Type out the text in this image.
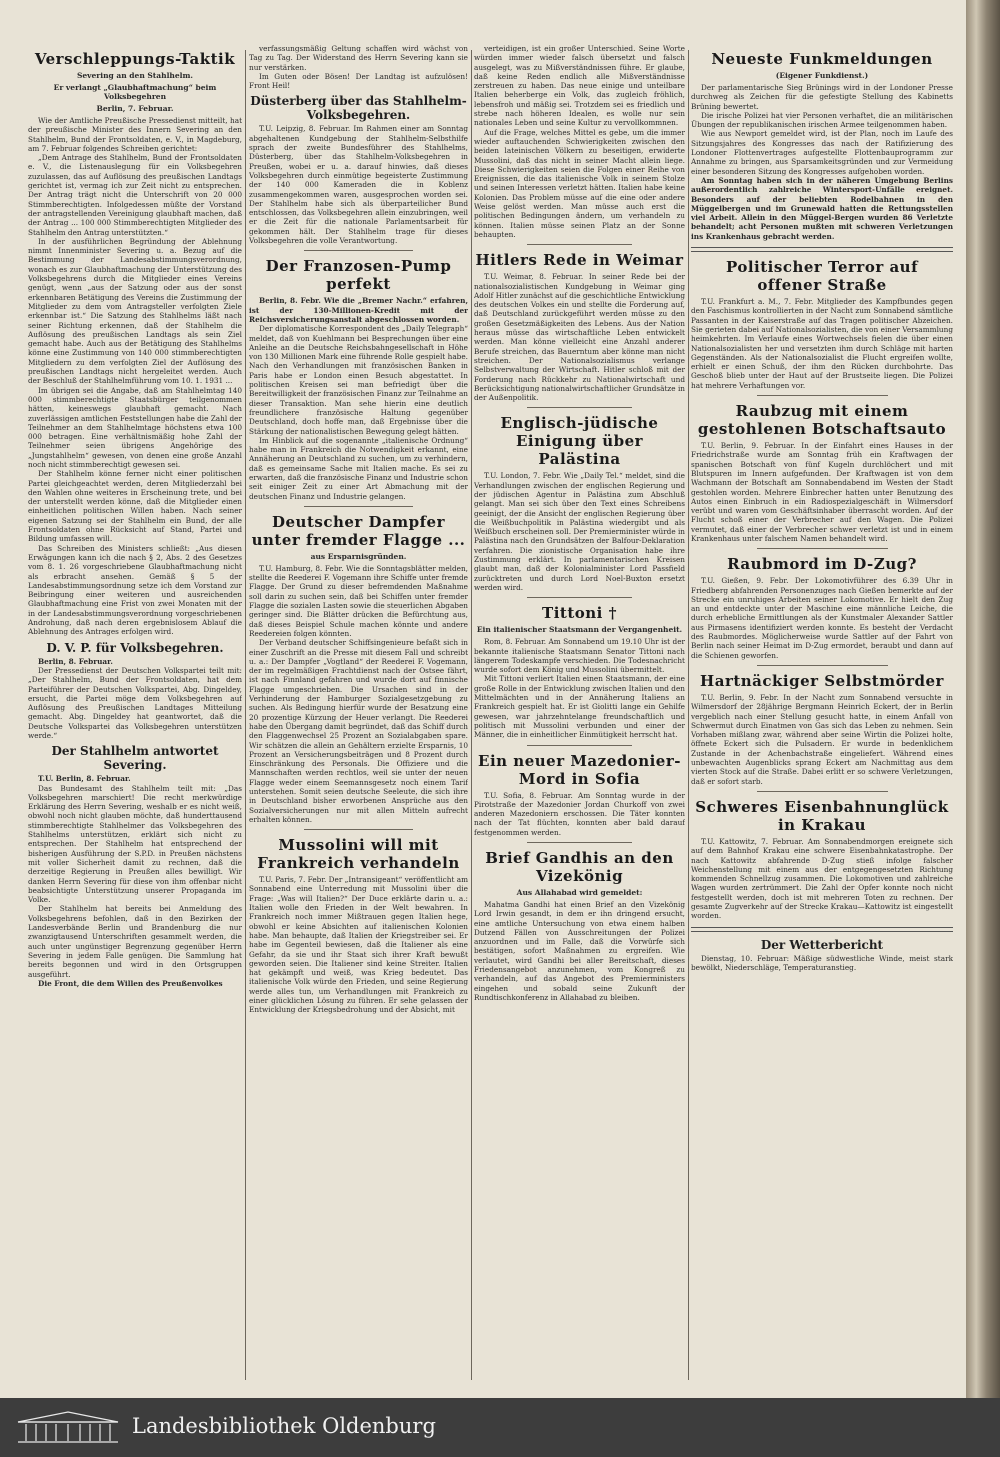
Verschleppungs-Taktik
Severing an den Stahlhelm.
Er verlangt „Glaubhaftmachung“ beim Volksbegehren
Berlin, 7. Februar.

Wie der Amtliche Preußische Pressedienst mitteilt, hat der preußische Minister des Innern Severing an den Stahlhelm, Bund der Frontsoldaten, e. V., in Magdeburg, am 7. Februar folgendes Schreiben gerichtet:

„Dem Antrage des Stahlhelm, Bund der Frontsoldaten e. V., die Listenauslegung für ein Volksbegehren zuzulassen, das auf Auflösung des preußischen Landtags gerichtet ist, vermag ich zur Zeit nicht zu entsprechen. Der Antrag trägt nicht die Unterschrift von 20 000 Stimmberechtigten. Infolgedessen müßte der Vorstand der antragstellenden Vereinigung glaubhaft machen, daß der Antrag ... 100 000 Stimmberechtigten Mitglieder des Stahlhelm den Antrag unterstützten.“

In der ausführlichen Begründung der Ablehnung nimmt Innenminister Severing u. a. Bezug auf die Bestimmung der Landesabstimmungsverordnung, wonach es zur Glaubhaftmachung der Unterstützung des Volksbegehrens durch die Mitglieder eines Vereins genügt, wenn „aus der Satzung oder aus der sonst erkennbaren Betätigung des Vereins die Zustimmung der Mitglieder zu dem vom Antragsteller verfolgten Ziele erkennbar ist.“ Die Satzung des Stahlhelms läßt nach seiner Richtung erkennen, daß der Stahlhelm die Auflösung des preußischen Landtags als sein Ziel gemacht habe. Auch aus der Betätigung des Stahlhelms könne eine Zustimmung von 140 000 stimmberechtigten Mitgliedern zu dem verfolgten Ziel der Auflösung des preußischen Landtags nicht hergeleitet werden. Auch der Beschluß der Stahlhelmführung vom 10. 1. 1931 ...

Im übrigen sei die Angabe, daß am Stahlhelmtag 140 000 stimmberechtigte Staatsbürger teilgenommen hätten, keineswegs glaubhaft gemacht. Nach zuverlässigen amtlichen Feststellungen habe die Zahl der Teilnehmer an dem Stahlhelmtage höchstens etwa 100 000 betragen. Eine verhältnismäßig hohe Zahl der Teilnehmer seien übrigens Angehörige des „Jungstahlhelm“ gewesen, von denen eine große Anzahl noch nicht stimmberechtigt gewesen sei.

Der Stahlhelm könne ferner nicht einer politischen Partei gleichgeachtet werden, deren Mitgliederzahl bei den Wahlen ohne weiteres in Erscheinung trete, und bei der unterstellt werden könne, daß die Mitglieder einen einheitlichen politischen Willen haben. Nach seiner eigenen Satzung sei der Stahlhelm ein Bund, der alle Frontsoldaten ohne Rücksicht auf Stand, Partei und Bildung umfassen will.

Das Schreiben des Ministers schließt: „Aus diesen Erwägungen kann ich die nach § 2, Abs. 2 des Gesetzes vom 8. 1. 26 vorgeschriebene Glaubhaftmachung nicht als erbracht ansehen. Gemäß § 5 der Landesabstimmungsordnung setze ich dem Vorstand zur Beibringung einer weiteren und ausreichenden Glaubhaftmachung eine Frist von zwei Monaten mit der in der Landesabstimmungsverordnung vorgeschriebenen Androhung, daß nach deren ergebnislosem Ablauf die Ablehnung des Antrages erfolgen wird.

D. V. P. für Volksbegehren.

Berlin, 8. Februar.

Der Pressedienst der Deutschen Volkspartei teilt mit: „Der Stahlhelm, Bund der Frontsoldaten, hat dem Parteiführer der Deutschen Volkspartei, Abg. Dingeldey, ersucht, die Partei möge dem Volksbegehren auf Auflösung des Preußischen Landtages Mitteilung gemacht. Abg. Dingeldey hat geantwortet, daß die Deutsche Volkspartei das Volksbegehren unterstützen werde.“

Der Stahlhelm antwortet Severing.

T.U. Berlin, 8. Februar.

Das Bundesamt des Stahlhelm teilt mit: „Das Volksbegehren marschiert! Die recht merkwürdige Erklärung des Herrn Severing, weshalb er es nicht weiß, obwohl noch nicht glauben möchte, daß hunderttausend stimmberechtigte Stahlhelmer das Volksbegehren des Stahlhelms unterstützen, erklärt sich nicht zu entsprechen. Der Stahlhelm hat entsprechend der bisherigen Ausführung der S.P.D. in Preußen nächstens mit voller Sicherheit damit zu rechnen, daß die derzeitige Regierung in Preußen alles bewilligt. Wir danken Herrn Severing für diese von ihm offenbar nicht beabsichtigte Unterstützung unserer Propaganda im Volke.

Der Stahlhelm hat bereits bei Anmeldung des Volksbegehrens befohlen, daß in den Bezirken der Landesverbände Berlin und Brandenburg die nur zwanzigtausend Unterschriften gesammelt werden, die auch unter ungünstiger Begrenzung gegenüber Herrn Severing in jedem Falle genügen. Die Sammlung hat bereits begonnen und wird in den Ortsgruppen ausgeführt.

Die Front, die dem Willen des Preußenvolkes

verfassungsmäßig Geltung schaffen wird wächst von Tag zu Tag. Der Widerstand des Herrn Severing kann sie nur verstärken.

Im Guten oder Bösen! Der Landtag ist aufzulösen! Front Heil!

Düsterberg über das Stahlhelm-Volksbegehren.

T.U. Leipzig, 8. Februar. Im Rahmen einer am Sonntag abgehaltenen Kundgebung der Stahlhelm-Selbsthilfe sprach der zweite Bundesführer des Stahlhelms, Düsterberg, über das Stahlhelm-Volksbegehren in Preußen, wobei er u. a. darauf hinwies, daß dieses Volksbegehren durch einmütige begeisterte Zustimmung der 140 000 Kameraden die in Koblenz zusammengekommen waren, ausgesprochen worden sei. Der Stahlhelm habe sich als überparteilicher Bund entschlossen, das Volksbegehren allein einzubringen, weil er die Zeit für die nationale Parlamentsarbeit für gekommen hält. Der Stahlhelm trage für dieses Volksbegehren die volle Verantwortung.

Der Franzosen-Pump perfekt

Berlin, 8. Febr. Wie die „Bremer Nachr.“ erfahren, ist der 130-Millionen-Kredit mit der Reichsversicherungsanstalt abgeschlossen worden.

Der diplomatische Korrespondent des „Daily Telegraph“ meldet, daß von Kuehlmann bei Besprechungen über eine Anleihe an die Deutsche Reichsbahngesellschaft in Höhe von 130 Millionen Mark eine führende Rolle gespielt habe. Nach den Verhandlungen mit französischen Banken in Paris habe er London einen Besuch abgestattet. In politischen Kreisen sei man befriedigt über die Bereitwilligkeit der französischen Finanz zur Teilnahme an dieser Transaktion. Man sehe hierin eine deutlich freundlichere französische Haltung gegenüber Deutschland, doch hoffe man, daß Ergebnisse über die Stärkung der nationalistischen Bewegung gelegt hätten.

Im Hinblick auf die sogenannte „italienische Ordnung“ habe man in Frankreich die Notwendigkeit erkannt, eine Annäherung an Deutschland zu suchen, um zu verhindern, daß es gemeinsame Sache mit Italien mache. Es sei zu erwarten, daß die französische Finanz und Industrie schon seit einiger Zeit zu einer Art Abmachung mit der deutschen Finanz und Industrie gelangen.

Deutscher Dampfer unter fremder Flagge ...
aus Ersparnisgründen.

T.U. Hamburg, 8. Febr. Wie die Sonntagsblätter melden, stellte die Reederei F. Vogemann ihre Schiffe unter fremde Flagge. Der Grund zu dieser befremdenden Maßnahme soll darin zu suchen sein, daß bei Schiffen unter fremder Flagge die sozialen Lasten sowie die steuerlichen Abgaben geringer sind. Die Blätter drücken die Befürchtung aus, daß dieses Beispiel Schule machen könnte und andere Reedereien folgen könnten.

Der Verband deutscher Schiffsingenieure befaßt sich in einer Zuschrift an die Presse mit diesem Fall und schreibt u. a.: Der Dampfer „Vogtland“ der Reederei F. Vogemann, der im regelmäßigen Frachtdienst nach der Ostsee fährt, ist nach Finnland gefahren und wurde dort auf finnische Flagge umgeschrieben. Die Ursachen sind in der Verhinderung der Hamburger Sozialgesetzgebung zu suchen. Als Bedingung hierfür wurde der Besatzung eine 20 prozentige Kürzung der Heuer verlangt. Die Reederei habe den Übergang damit begründet, daß das Schiff durch den Flaggenwechsel 25 Prozent an Sozialabgaben spare. Wir schätzen die allein an Gehältern erzielte Ersparnis, 10 Prozent an Versicherungsbeiträgen und 8 Prozent durch Einschränkung des Personals. Die Offiziere und die Mannschaften werden rechtlos, weil sie unter der neuen Flagge weder einem Seemannsgesetz noch einem Tarif unterstehen. Somit seien deutsche Seeleute, die sich ihre in Deutschland bisher erworbenen Ansprüche aus den Sozialversicherungen nur mit allen Mitteln aufrecht erhalten können.

Mussolini will mit Frankreich verhandeln

T.U. Paris, 7. Febr. Der „Intransigeant“ veröffentlicht am Sonnabend eine Unterredung mit Mussolini über die Frage: „Was will Italien?“ Der Duce erklärte darin u. a.: Italien wolle den Frieden in der Welt bewahren. In Frankreich noch immer Mißtrauen gegen Italien hege, obwohl er keine Absichten auf italienischen Kolonien habe. Man behaupte, daß Italien der Kriegstreiber sei. Er habe im Gegenteil bewiesen, daß die Italiener als eine Gefahr, da sie und ihr Staat sich ihrer Kraft bewußt geworden seien. Die Italiener sind keine Streiter. Italien hat gekämpft und weiß, was Krieg bedeutet. Das italienische Volk würde den Frieden, und seine Regierung werde alles tun, um Verhandlungen mit Frankreich zu einer glücklichen Lösung zu führen. Er sehe gelassen der Entwicklung der Kriegsbedrohung und der Absicht, mit

verteidigen, ist ein großer Unterschied. Seine Worte würden immer wieder falsch übersetzt und falsch ausgelegt, was zu Mißverständnissen führe. Er glaube, daß keine Reden endlich alle Mißverständnisse zerstreuen zu haben. Das neue einige und unteilbare Italien beherberge ein Volk, das zugleich fröhlich, lebensfroh und mäßig sei. Trotzdem sei es friedlich und strebe nach höheren Idealen, es wolle nur sein nationales Leben und seine Kultur zu vervollkommnen.

Auf die Frage, welches Mittel es gebe, um die immer wieder auftauchenden Schwierigkeiten zwischen den beiden lateinischen Völkern zu beseitigen, erwiderte Mussolini, daß das nicht in seiner Macht allein liege. Diese Schwierigkeiten seien die Folgen einer Reihe von Ereignissen, die das italienische Volk in seinem Stolze und seinen Interessen verletzt hätten. Italien habe keine Kolonien. Das Problem müsse auf die eine oder andere Weise gelöst werden. Man müsse auch erst die politischen Bedingungen ändern, um verhandeln zu können. Italien müsse seinen Platz an der Sonne behaupten.

Hitlers Rede in Weimar

T.U. Weimar, 8. Februar. In seiner Rede bei der nationalsozialistischen Kundgebung in Weimar ging Adolf Hitler zunächst auf die geschichtliche Entwicklung des deutschen Volkes ein und stellte die Forderung auf, daß Deutschland zurückgeführt werden müsse zu den großen Gesetzmäßigkeiten des Lebens. Aus der Nation heraus müsse das wirtschaftliche Leben entwickelt werden. Man könne vielleicht eine Anzahl anderer Berufe streichen, das Bauerntum aber könne man nicht streichen. Der Nationalsozialismus verlange Selbstverwaltung der Wirtschaft. Hitler schloß mit der Forderung nach Rückkehr zu Nationalwirtschaft und Berücksichtigung nationalwirtschaftlicher Grundsätze in der Außenpolitik.

Englisch-jüdische Einigung über Palästina

T.U. London, 7. Febr. Wie „Daily Tel.“ meldet, sind die Verhandlungen zwischen der englischen Regierung und der jüdischen Agentur in Palästina zum Abschluß gelangt. Man sei sich über den Text eines Schreibens geeinigt, der die Ansicht der englischen Regierung über die Weißbuchpolitik in Palästina wiedergibt und als Weißbuch erscheinen soll. Der Premierminister würde in Palästina nach den Grundsätzen der Balfour-Deklaration verfahren. Die zionistische Organisation habe ihre Zustimmung erklärt. In parlamentarischen Kreisen glaubt man, daß der Kolonialminister Lord Passfield zurücktreten und durch Lord Noel-Buxton ersetzt werden wird.

Tittoni †
Ein italienischer Staatsmann der Vergangenheit.

Rom, 8. Februar. Am Sonnabend um 19.10 Uhr ist der bekannte italienische Staatsmann Senator Tittoni nach längerem Todeskampfe verschieden. Die Todesnachricht wurde sofort dem König und Mussolini übermittelt.

Mit Tittoni verliert Italien einen Staatsmann, der eine große Rolle in der Entwicklung zwischen Italien und den Mittelmächten und in der Annäherung Italiens an Frankreich gespielt hat. Er ist Giolitti lange ein Gehilfe gewesen, war jahrzehntelange freundschaftlich und politisch mit Mussolini verbunden und einer der Männer, die in einheitlicher Einmütigkeit herrscht hat.

Ein neuer Mazedonier-Mord in Sofia

T.U. Sofia, 8. Februar. Am Sonntag wurde in der Pirotstraße der Mazedonier Jordan Churkoff von zwei anderen Mazedoniern erschossen. Die Täter konnten nach der Tat flüchten, konnten aber bald darauf festgenommen werden.

Brief Gandhis an den Vizekönig
Aus Allahabad wird gemeldet:

Mahatma Gandhi hat einen Brief an den Vizekönig Lord Irwin gesandt, in dem er ihn dringend ersucht, eine amtliche Untersuchung von etwa einem halben Dutzend Fällen von Ausschreitungen der Polizei anzuordnen und im Falle, daß die Vorwürfe sich bestätigen, sofort Maßnahmen zu ergreifen. Wie verlautet, wird Gandhi bei aller Bereitschaft, dieses Friedensangebot anzunehmen, vom Kongreß zu verhandeln, auf das Angebot des Premierministers eingehen und sobald seine Zukunft der Rundtischkonferenz in Allahabad zu bleiben.

Neueste Funkmeldungen
(Eigener Funkdienst.)

Der parlamentarische Sieg Brünings wird in der Londoner Presse durchweg als Zeichen für die gefestigte Stellung des Kabinetts Brüning bewertet.

Die irische Polizei hat vier Personen verhaftet, die an militärischen Übungen der republikanischen irischen Armee teilgenommen haben.

Wie aus Newport gemeldet wird, ist der Plan, noch im Laufe des Sitzungsjahres des Kongresses das nach der Ratifizierung des Londoner Flottenvertrages aufgestellte Flottenbauprogramm zur Annahme zu bringen, aus Sparsamkeitsgründen und zur Vermeidung einer besonderen Sitzung des Kongresses aufgehoben worden.

Am Sonntag haben sich in der näheren Umgebung Berlins außerordentlich zahlreiche Wintersport-Unfälle ereignet. Besonders auf der beliebten Rodelbahnen in den Müggelbergen und im Grunewald hatten die Rettungsstellen viel Arbeit. Allein in den Müggel-Bergen wurden 86 Verletzte behandelt; acht Personen mußten mit schweren Verletzungen ins Krankenhaus gebracht werden.

Politischer Terror auf offener Straße

T.U. Frankfurt a. M., 7. Febr. Mitglieder des Kampfbundes gegen den Faschismus kontrollierten in der Nacht zum Sonnabend sämtliche Passanten in der Kaiserstraße auf das Tragen politischer Abzeichen. Sie gerieten dabei auf Nationalsozialisten, die von einer Versammlung heimkehrten. Im Verlaufe eines Wortwechsels fielen die über einen Nationalsozialisten her und versetzten ihm durch Schläge mit harten Gegenständen. Als der Nationalsozialist die Flucht ergreifen wollte, erhielt er einen Schuß, der ihm den Rücken durchbohrte. Das Geschoß blieb unter der Haut auf der Brustseite liegen. Die Polizei hat mehrere Verhaftungen vor.

Raubzug mit einem gestohlenen Botschaftsauto

T.U. Berlin, 9. Februar. In der Einfahrt eines Hauses in der Friedrichstraße wurde am Sonntag früh ein Kraftwagen der spanischen Botschaft von fünf Kugeln durchlöchert und mit Blutspuren im Innern aufgefunden. Der Kraftwagen ist von dem Wachmann der Botschaft am Sonnabendabend im Westen der Stadt gestohlen worden. Mehrere Einbrecher hatten unter Benutzung des Autos einen Einbruch in ein Radiospezialgeschäft in Wilmersdorf verübt und waren vom Geschäftsinhaber überrascht worden. Auf der Flucht schoß einer der Verbrecher auf den Wagen. Die Polizei vermutet, daß einer der Verbrecher schwer verletzt ist und in einem Krankenhaus unter falschem Namen behandelt wird.

Raubmord im D-Zug?

T.U. Gießen, 9. Febr. Der Lokomotivführer des 6.39 Uhr in Friedberg abfahrenden Personenzuges nach Gießen bemerkte auf der Strecke ein unruhiges Arbeiten seiner Lokomotive. Er hielt den Zug an und entdeckte unter der Maschine eine männliche Leiche, die durch erhebliche Ermittlungen als der Kunstmaler Alexander Sattler aus Pirmasens identifiziert werden konnte. Es besteht der Verdacht des Raubmordes. Möglicherweise wurde Sattler auf der Fahrt von Berlin nach seiner Heimat im D-Zug ermordet, beraubt und dann auf die Schienen geworfen.

Hartnäckiger Selbstmörder

T.U. Berlin, 9. Febr. In der Nacht zum Sonnabend versuchte in Wilmersdorf der 28jährige Bergmann Heinrich Eckert, der in Berlin vergeblich nach einer Stellung gesucht hatte, in einem Anfall von Schwermut durch Einatmen von Gas sich das Leben zu nehmen. Sein Vorhaben mißlang zwar, während aber seine Wirtin die Polizei holte, öffnete Eckert sich die Pulsadern. Er wurde in bedenklichem Zustande in der Achenbachstraße eingeliefert. Während eines unbewachten Augenblicks sprang Eckert am Nachmittag aus dem vierten Stock auf die Straße. Dabei erlitt er so schwere Verletzungen, daß er sofort starb.

Schweres Eisenbahnunglück in Krakau

T.U. Kattowitz, 7. Februar. Am Sonnabendmorgen ereignete sich auf dem Bahnhof Krakau eine schwere Eisenbahnkatastrophe. Der nach Kattowitz abfahrende D-Zug stieß infolge falscher Weichenstellung mit einem aus der entgegengesetzten Richtung kommenden Schnellzug zusammen. Die Lokomotiven und zahlreiche Wagen wurden zertrümmert. Die Zahl der Opfer konnte noch nicht festgestellt werden, doch ist mit mehreren Toten zu rechnen. Der gesamte Zugverkehr auf der Strecke Krakau—Kattowitz ist eingestellt worden.

Der Wetterbericht

Dienstag, 10. Februar: Mäßige südwestliche Winde, meist stark bewölkt, Niederschläge, Temperaturanstieg.

Landesbibliothek Oldenburg
